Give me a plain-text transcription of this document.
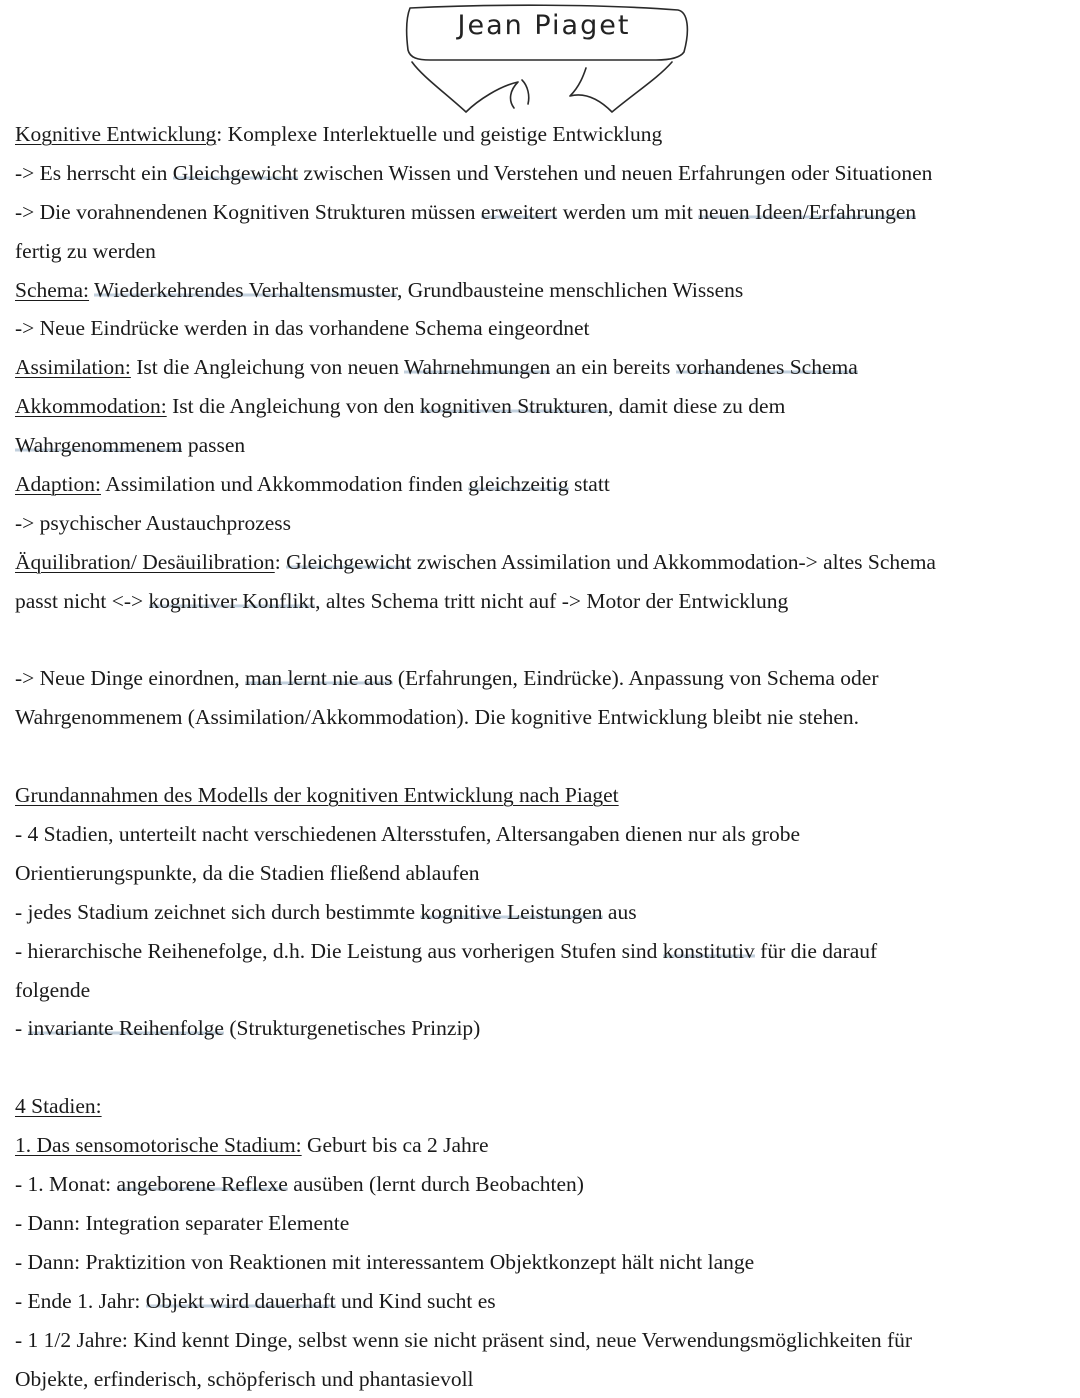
Jean Piaget
Kognitive Entwicklung: Komplexe Interlektuelle und geistige Entwicklung
-> Es herrscht ein Gleichgewicht zwischen Wissen und Verstehen und neuen Erfahrungen oder Situationen
-> Die vorahnendenen Kognitiven Strukturen müssen erweitert werden um mit neuen Ideen/Erfahrungen
fertig zu werden
Schema: Wiederkehrendes Verhaltensmuster, Grundbausteine menschlichen Wissens
-> Neue Eindrücke werden in das vorhandene Schema eingeordnet
Assimilation: Ist die Angleichung von neuen Wahrnehmungen an ein bereits vorhandenes Schema
Akkommodation: Ist die Angleichung von den kognitiven Strukturen, damit diese zu dem
Wahrgenommenem passen
Adaption: Assimilation und Akkommodation finden gleichzeitig statt
-> psychischer Austauchprozess
Äquilibration/ Desäuilibration: Gleichgewicht zwischen Assimilation und Akkommodation-> altes Schema
passt nicht <-> kognitiver Konflikt, altes Schema tritt nicht auf -> Motor der Entwicklung
-> Neue Dinge einordnen, man lernt nie aus (Erfahrungen, Eindrücke). Anpassung von Schema oder
Wahrgenommenem (Assimilation/Akkommodation). Die kognitive Entwicklung bleibt nie stehen.
Grundannahmen des Modells der kognitiven Entwicklung nach Piaget
- 4 Stadien, unterteilt nacht verschiedenen Altersstufen, Altersangaben dienen nur als grobe
Orientierungspunkte, da die Stadien fließend ablaufen
- jedes Stadium zeichnet sich durch bestimmte kognitive Leistungen aus
- hierarchische Reihenefolge, d.h. Die Leistung aus vorherigen Stufen sind konstitutiv für die darauf
folgende
- invariante Reihenfolge (Strukturgenetisches Prinzip)
4 Stadien:
1. Das sensomotorische Stadium: Geburt bis ca 2 Jahre
- 1. Monat: angeborene Reflexe ausüben (lernt durch Beobachten)
- Dann: Integration separater Elemente
- Dann: Praktizition von Reaktionen mit interessantem Objektkonzept hält nicht lange
- Ende 1. Jahr: Objekt wird dauerhaft und Kind sucht es
- 1 1/2 Jahre: Kind kennt Dinge, selbst wenn sie nicht präsent sind, neue Verwendungsmöglichkeiten für
Objekte, erfinderisch, schöpferisch und phantasievoll
